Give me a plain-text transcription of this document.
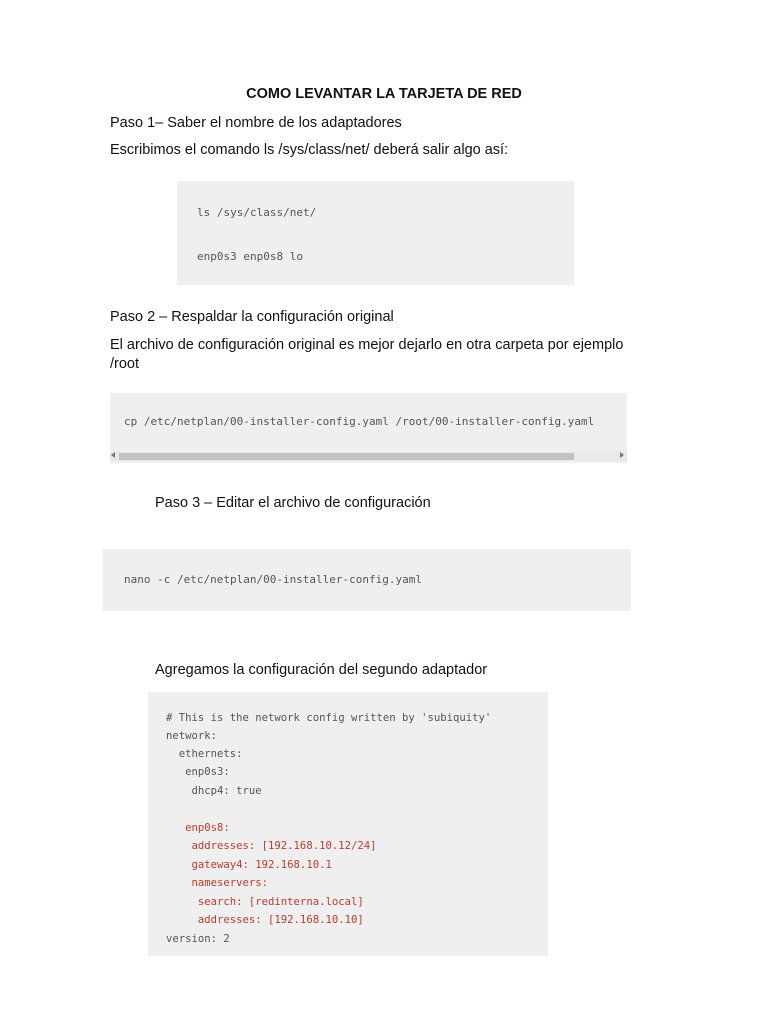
COMO LEVANTAR LA TARJETA DE RED
Paso 1– Saber el nombre de los adaptadores
Escribimos el comando ls /sys/class/net/ deberá salir algo así:
ls /sys/class/net/
enp0s3 enp0s8 lo
Paso 2 – Respaldar la configuración original
El archivo de configuración original es mejor dejarlo en otra carpeta por ejemplo
/root
cp /etc/netplan/00-installer-config.yaml /root/00-installer-config.yaml
Paso 3 – Editar el archivo de configuración
nano -c /etc/netplan/00-installer-config.yaml
Agregamos la configuración del segundo adaptador
# This is the network config written by 'subiquity'
network:
ethernets:
enp0s3:
dhcp4: true
enp0s8:
addresses: [192.168.10.12/24]
gateway4: 192.168.10.1
nameservers:
search: [redinterna.local]
addresses: [192.168.10.10]
version: 2
